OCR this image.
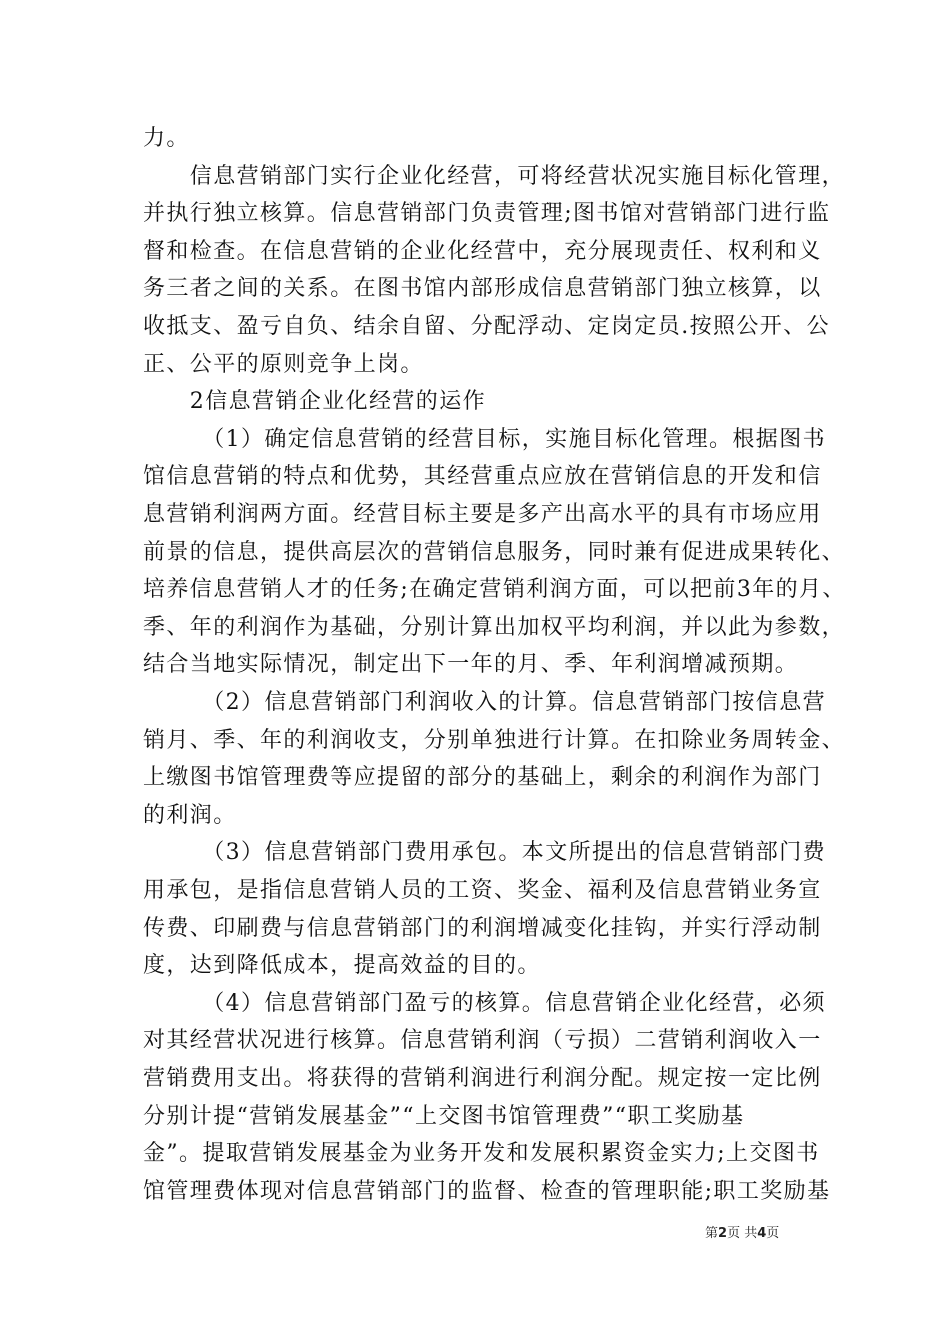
力。
　　信息营销部门实行企业化经营，可将经营状况实施目标化管理，
并执行独立核算。信息营销部门负责管理;图书馆对营销部门进行监
督和检查。在信息营销的企业化经营中，充分展现责任、权利和义
务三者之间的关系。在图书馆内部形成信息营销部门独立核算，以
收抵支、盈亏自负、结余自留、分配浮动、定岗定员.按照公开、公
正、公平的原则竞争上岗。
　　2信息营销企业化经营的运作
　　　（1）确定信息营销的经营目标，实施目标化管理。根据图书
馆信息营销的特点和优势，其经营重点应放在营销信息的开发和信
息营销利润两方面。经营目标主要是多产出高水平的具有市场应用
前景的信息，提供高层次的营销信息服务，同时兼有促进成果转化、
培养信息营销人才的任务;在确定营销利润方面，可以把前3年的月、
季、年的利润作为基础，分别计算出加权平均利润，并以此为参数，
结合当地实际情况，制定出下一年的月、季、年利润增减预期。
　　　（2）信息营销部门利润收入的计算。信息营销部门按信息营
销月、季、年的利润收支，分别单独进行计算。在扣除业务周转金、
上缴图书馆管理费等应提留的部分的基础上，剩余的利润作为部门
的利润。
　　　（3）信息营销部门费用承包。本文所提出的信息营销部门费
用承包，是指信息营销人员的工资、奖金、福利及信息营销业务宣
传费、印刷费与信息营销部门的利润增减变化挂钩，并实行浮动制
度，达到降低成本，提高效益的目的。
　　　（4）信息营销部门盈亏的核算。信息营销企业化经营，必须
对其经营状况进行核算。信息营销利润（亏损）二营销利润收入一
营销费用支出。将获得的营销利润进行利润分配。规定按一定比例
分别计提“营销发展基金”“上交图书馆管理费”“职工奖励基
金”。提取营销发展基金为业务开发和发展积累资金实力;上交图书
馆管理费体现对信息营销部门的监督、检查的管理职能;职工奖励基
第2页 共4页
